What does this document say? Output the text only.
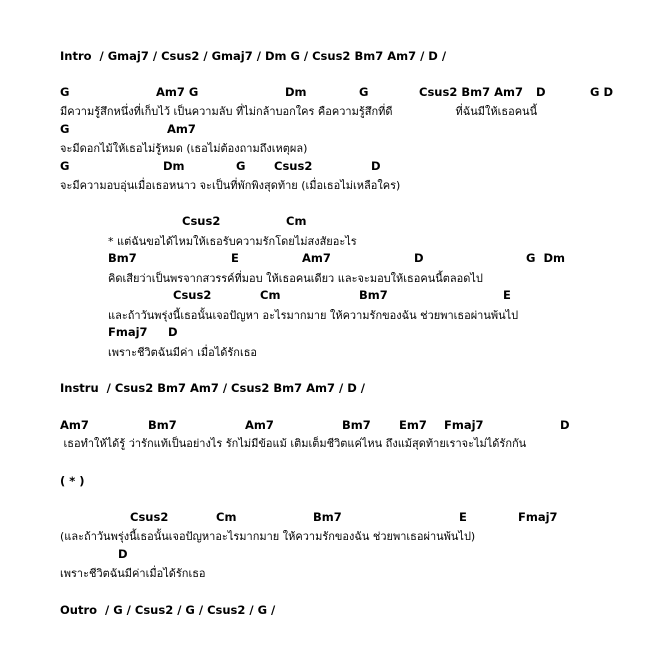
Intro  / Gmaj7 / Csus2 / Gmaj7 / Dm G / Csus2 Bm7 Am7 / D /

G

	Am7 G

	Dm

	G

	Csus2 Bm7 Am7

D

	G D

มีความรู้สึกหนึ่งที่เก็บไว้ เป็นความลับ ที่ไม่กล้าบอกใคร คือความรู้สึกที่ดี                  ที่ฉันมีให้เธอคนนี้

G

	Am7

จะมีดอกไม้ให้เธอไม่รู้หมด (เธอไม่ต้องถามถึงเหตุผล)

G

	Dm

	G

Csus2

	D

จะมีความอบอุ่นเมื่อเธอหนาว จะเป็นที่พักพิงสุดท้าย (เมื่อเธอไม่เหลือใคร)

Csus2

	Cm

* แต่ฉันขอได้ไหมให้เธอรับความรักโดยไม่สงสัยอะไร

Bm7

	E

	Am7

	D

	G  Dm

คิดเสียว่าเป็นพรจากสวรรค์ที่มอบ ให้เธอคนเดียว และจะมอบให้เธอคนนี้ตลอดไป

Csus2

	Cm

	Bm7

	E

และถ้าวันพรุ่งนี้เธอนั้นเจอปัญหา อะไรมากมาย ให้ความรักของฉัน ช่วยพาเธอผ่านพ้นไป

Fmaj7

D

เพราะชีวิตฉันมีค่า เมื่อได้รักเธอ
Instru  / Csus2 Bm7 Am7 / Csus2 Bm7 Am7 / D /

Am7

	Bm7

	Am7

	Bm7

Em7

Fmaj7

	D

เธอทำให้ได้รู้ ว่ารักแท้เป็นอย่างไร รักไม่มีข้อแม้ เติมเต็มชีวิตแค่ไหน ถึงแม้สุดท้ายเราจะไม่ได้รักกัน
( * )

Csus2

	Cm

	Bm7

	E

	Fmaj7

(และถ้าวันพรุ่งนี้เธอนั้นเจอปัญหาอะไรมากมาย ให้ความรักของฉัน ช่วยพาเธอผ่านพ้นไป)

D

เพราะชีวิตฉันมีค่าเมื่อได้รักเธอ
Outro  / G / Csus2 / G / Csus2 / G /
